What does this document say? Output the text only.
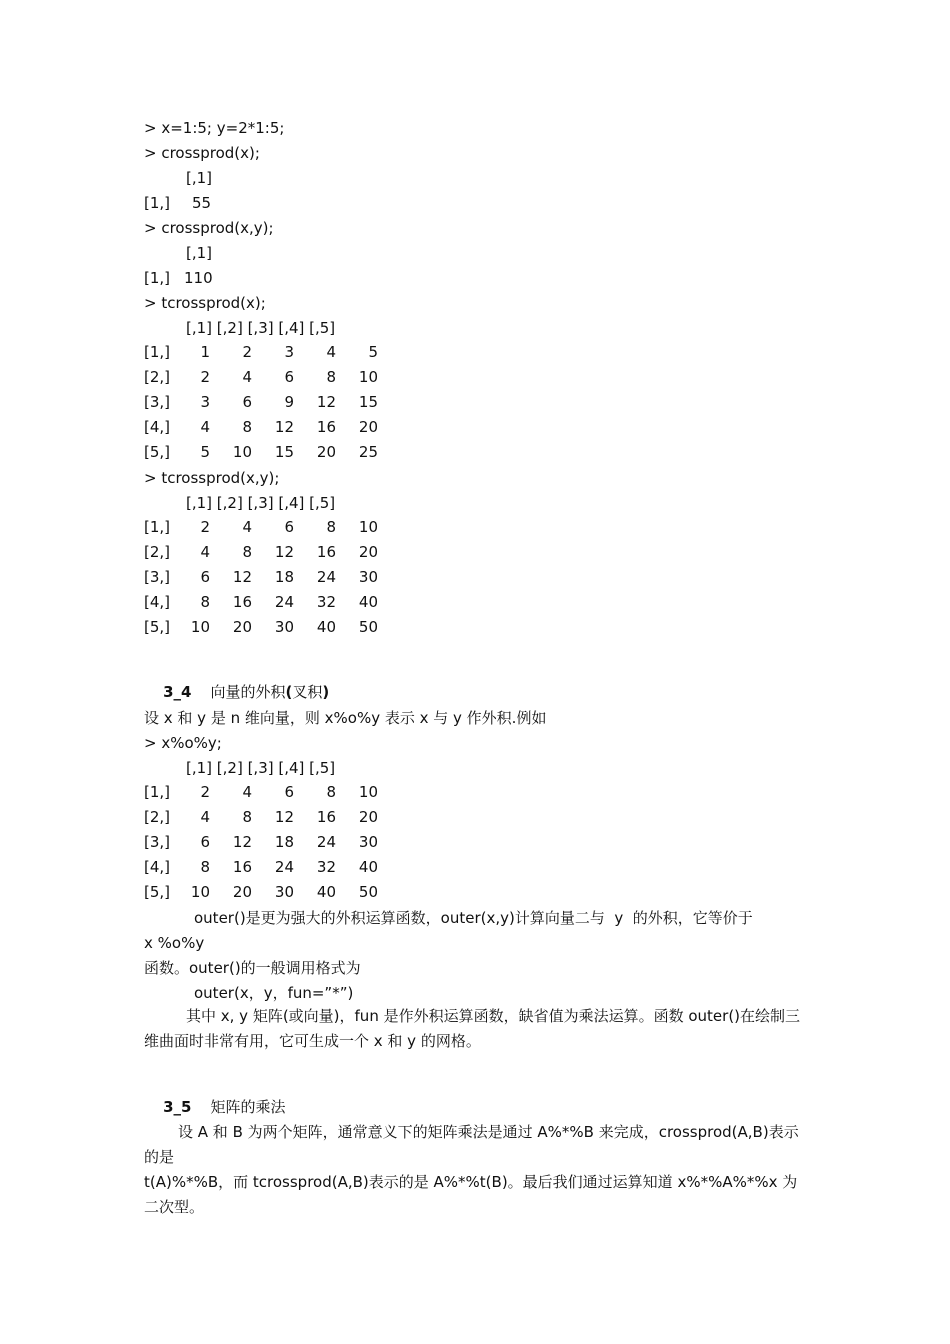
> x=1:5; y=2*1:5;
> crossprod(x);
[,1]
[1,] 55
> crossprod(x,y);
[,1]
[1,] 110
> tcrossprod(x);
[,1] [,2] [,3] [,4] [,5]
[1,]	1	2	3	4	5
[2,]	2	4	6	8	10
[3,]	3	6	9	12	15
[4,]	4	8	12	16	20
[5,]	5	10	15	20	25
> tcrossprod(x,y);
[,1] [,2] [,3] [,4] [,5]
[1,]	2	4	6	8	10
[2,]	4	8	12	16	20
[3,]	6	12	18	24	30
[4,]	8	16	24	32	40
[5,]	10	20	30	40	50

3_4 向量的外积(叉积)

设 x 和 y 是 n 维向量，则 x%o%y 表示 x 与 y 作外积.例如
> x%o%y;
[,1] [,2] [,3] [,4] [,5]
[1,]	2	4	6	8	10
[2,]	4	8	12	16	20
[3,]	6	12	18	24	30
[4,]	8	16	24	32	40
[5,]	10	20	30	40	50
outer()是更为强大的外积运算函数，outer(x,y)计算向量二与  y  的外积，它等价于
x %o%y
函数。outer()的一般调用格式为
outer(x，y，fun=”*”)
其中 x, y 矩阵(或向量)，fun 是作外积运算函数，缺省值为乘法运算。函数 outer()在绘制三维曲面时非常有用，它可生成一个 x 和 y 的网格。

3_5 矩阵的乘法

设 A 和 B 为两个矩阵，通常意义下的矩阵乘法是通过 A%*%B 来完成，crossprod(A,B)表示的是
t(A)%*%B，而 tcrossprod(A,B)表示的是 A%*%t(B)。最后我们通过运算知道 x%*%A%*%x 为二次型。
